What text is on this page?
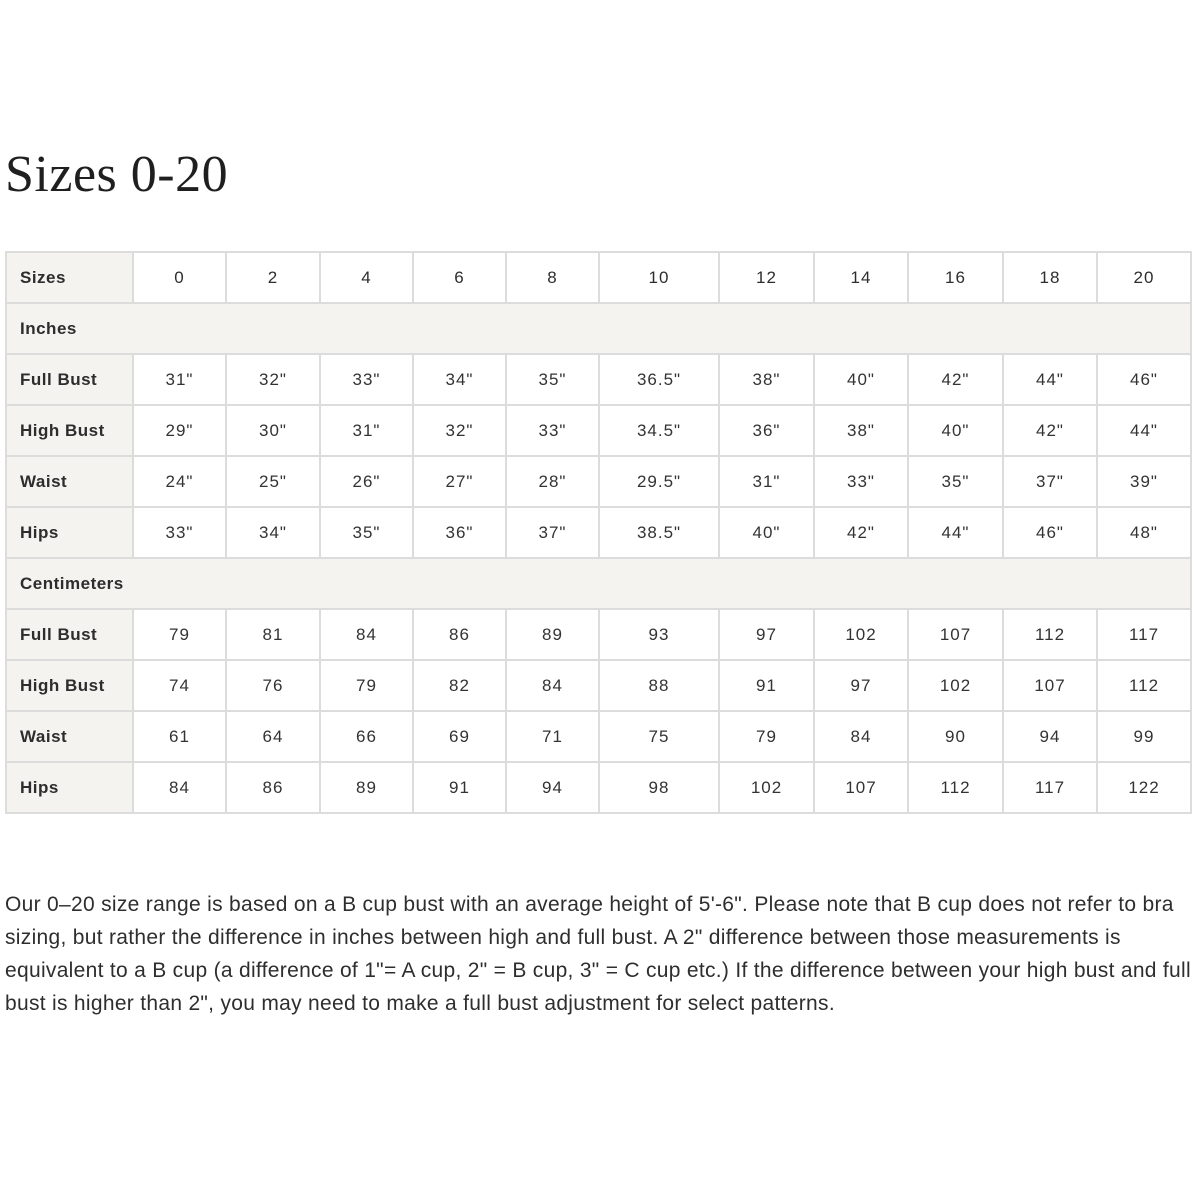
Sizes 0-20
Sizes	0	2	4	6	8	10	12	14	16	18	20
Inches											
Full Bust	31"	32"	33"	34"	35"	36.5"	38"	40"	42"	44"	46"
High Bust	29"	30"	31"	32"	33"	34.5"	36"	38"	40"	42"	44"
Waist	24"	25"	26"	27"	28"	29.5"	31"	33"	35"	37"	39"
Hips	33"	34"	35"	36"	37"	38.5"	40"	42"	44"	46"	48"
Centimeters											
Full Bust	79	81	84	86	89	93	97	102	107	112	117
High Bust	74	76	79	82	84	88	91	97	102	107	112
Waist	61	64	66	69	71	75	79	84	90	94	99
Hips	84	86	89	91	94	98	102	107	112	117	122

Our 0–20 size range is based on a B cup bust with an average height of 5'-6". Please note that B cup does not refer to bra sizing, but rather the difference in inches between high and full bust. A 2" difference between those measurements is equivalent to a B cup (a difference of 1"= A cup, 2" = B cup, 3" = C cup etc.) If the difference between your high bust and full bust is higher than 2", you may need to make a full bust adjustment for select patterns.
